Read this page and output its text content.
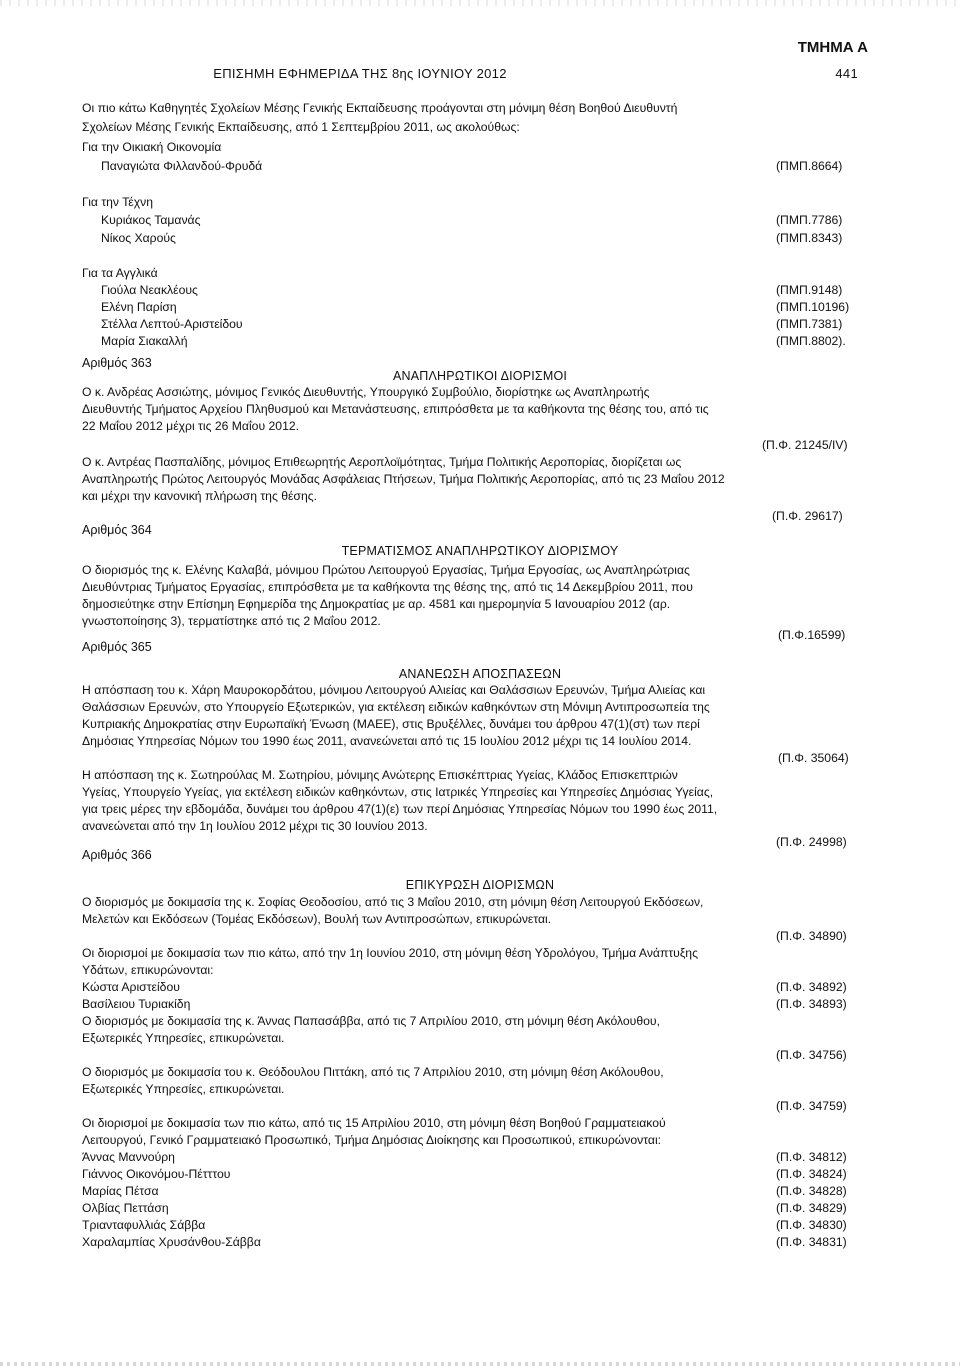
ΤΜΗΜΑ Α
ΕΠΙΣΗΜΗ ΕΦΗΜΕΡΙΔΑ ΤΗΣ 8ης ΙΟΥΝΙΟΥ 2012	441
Οι πιο κάτω Καθηγητές Σχολείων Μέσης Γενικής Εκπαίδευσης προάγονται στη μόνιμη θέση Βοηθού Διευθυντή
Σχολείων Μέσης Γενικής Εκπαίδευσης, από 1 Σεπτεμβρίου 2011, ως ακολούθως:
Για την Οικιακή Οικονομία
Παναγιώτα Φιλλανδού-Φρυδά	(ΠΜΠ.8664)
Για την Τέχνη
Κυριάκος Ταμανάς	(ΠΜΠ.7786)
Νίκος Χαρούς	(ΠΜΠ.8343)
Για τα Αγγλικά
Γιούλα Νεακλέους	(ΠΜΠ.9148)
Ελένη Παρίση	(ΠΜΠ.10196)
Στέλλα Λεπτού-Αριστείδου	(ΠΜΠ.7381)
Μαρία Σιακαλλή	(ΠΜΠ.8802).
Αριθμός 363
ΑΝΑΠΛΗΡΩΤΙΚΟΙ ΔΙΟΡΙΣΜΟΙ
Ο κ. Ανδρέας Ασσιώτης, μόνιμος Γενικός Διευθυντής, Υπουργικό Συμβούλιο, διορίστηκε ως Αναπληρωτής
Διευθυντής Τμήματος Αρχείου Πληθυσμού και Μετανάστευσης, επιπρόσθετα με τα καθήκοντα της θέσης του, από τις
22 Μαΐου 2012 μέχρι τις 26 Μαΐου 2012.
(Π.Φ. 21245/IV)
Ο κ. Αντρέας Πασπαλίδης, μόνιμος Επιθεωρητής Αεροπλοϊμότητας, Τμήμα Πολιτικής Αεροπορίας, διορίζεται ως
Αναπληρωτής Πρώτος Λειτουργός Μονάδας Ασφάλειας Πτήσεων, Τμήμα Πολιτικής Αεροπορίας, από τις 23 Μαΐου 2012
και μέχρι την κανονική πλήρωση της θέσης.
(Π.Φ. 29617)
Αριθμός 364
ΤΕΡΜΑΤΙΣΜΟΣ ΑΝΑΠΛΗΡΩΤΙΚΟΥ ΔΙΟΡΙΣΜΟΥ
Ο διορισμός της κ. Ελένης Καλαβά, μόνιμου Πρώτου Λειτουργού Εργασίας, Τμήμα Εργοσίας, ως Αναπληρώτριας
Διευθύντριας Τμήματος Εργασίας, επιπρόσθετα με τα καθήκοντα της θέσης της, από τις 14 Δεκεμβρίου 2011, που
δημοσιεύτηκε στην Επίσημη Εφημερίδα της Δημοκρατίας με αρ. 4581 και ημερομηνία 5 Ιανουαρίου 2012 (αρ.
γνωστοποίησης 3), τερματίστηκε από τις 2 Μαΐου 2012.
(Π.Φ.16599)
Αριθμός 365
ΑΝΑΝΕΩΣΗ ΑΠΟΣΠΑΣΕΩΝ
Η απόσπαση του κ. Χάρη Μαυροκορδάτου, μόνιμου Λειτουργού Αλιείας και Θαλάσσιων Ερευνών, Τμήμα Αλιείας και
Θαλάσσιων Ερευνών, στο Υπουργείο Εξωτερικών, για εκτέλεση ειδικών καθηκόντων στη Μόνιμη Αντιπροσωπεία της
Κυπριακής Δημοκρατίας στην Ευρωπαϊκή Ένωση (ΜΑΕΕ), στις Βρυξέλλες, δυνάμει του άρθρου 47(1)(στ) των περί
Δημόσιας Υπηρεσίας Νόμων του 1990 έως 2011, ανανεώνεται από τις 15 Ιουλίου 2012 μέχρι τις 14 Ιουλίου 2014.
(Π.Φ. 35064)
Η απόσπαση της κ. Σωτηρούλας Μ. Σωτηρίου, μόνιμης Ανώτερης Επισκέπτριας Υγείας, Κλάδος Επισκεπτριών
Υγείας, Υπουργείο Υγείας, για εκτέλεση ειδικών καθηκόντων, στις Ιατρικές Υπηρεσίες και Υπηρεσίες Δημόσιας Υγείας,
για τρεις μέρες την εβδομάδα, δυνάμει του άρθρου 47(1)(ε) των περί Δημόσιας Υπηρεσίας Νόμων του 1990 έως 2011,
ανανεώνεται από την 1η Ιουλίου 2012 μέχρι τις 30 Ιουνίου 2013.
(Π.Φ. 24998)
Αριθμός 366
ΕΠΙΚΥΡΩΣΗ ΔΙΟΡΙΣΜΩΝ
Ο διορισμός με δοκιμασία της κ. Σοφίας Θεοδοσίου, από τις 3 Μαΐου 2010, στη μόνιμη θέση Λειτουργού Εκδόσεων,
Μελετών και Εκδόσεων (Τομέας Εκδόσεων), Βουλή των Αντιπροσώπων, επικυρώνεται.
(Π.Φ. 34890)
Οι διορισμοί με δοκιμασία των πιο κάτω, από την 1η Ιουνίου 2010, στη μόνιμη θέση Υδρολόγου, Τμήμα Ανάπτυξης
Υδάτων, επικυρώνονται:
Κώστα Αριστείδου	(Π.Φ. 34892)
Βασίλειου Τυριακίδη	(Π.Φ. 34893)
Ο διορισμός με δοκιμασία της κ. Άννας Παπασάββα, από τις 7 Απριλίου 2010, στη μόνιμη θέση Ακόλουθου,
Εξωτερικές Υπηρεσίες, επικυρώνεται.
(Π.Φ. 34756)
Ο διορισμός με δοκιμασία του κ. Θεόδουλου Πιττάκη, από τις 7 Απριλίου 2010, στη μόνιμη θέση Ακόλουθου,
Εξωτερικές Υπηρεσίες, επικυρώνεται.
(Π.Φ. 34759)
Οι διορισμοί με δοκιμασία των πιο κάτω, από τις 15 Απριλίου 2010, στη μόνιμη θέση Βοηθού Γραμματειακού
Λειτουργού, Γενικό Γραμματειακό Προσωπικό, Τμήμα Δημόσιας Διοίκησης και Προσωπικού, επικυρώνονται:
Άννας Μαννούρη	(Π.Φ. 34812)
Γιάννος Οικονόμου-Πέτττου	(Π.Φ. 34824)
Μαρίας Πέτσα	(Π.Φ. 34828)
Ολβίας Πεττάση	(Π.Φ. 34829)
Τριανταφυλλιάς Σάββα	(Π.Φ. 34830)
Χαραλαμπίας Χρυσάνθου-Σάββα	(Π.Φ. 34831)
